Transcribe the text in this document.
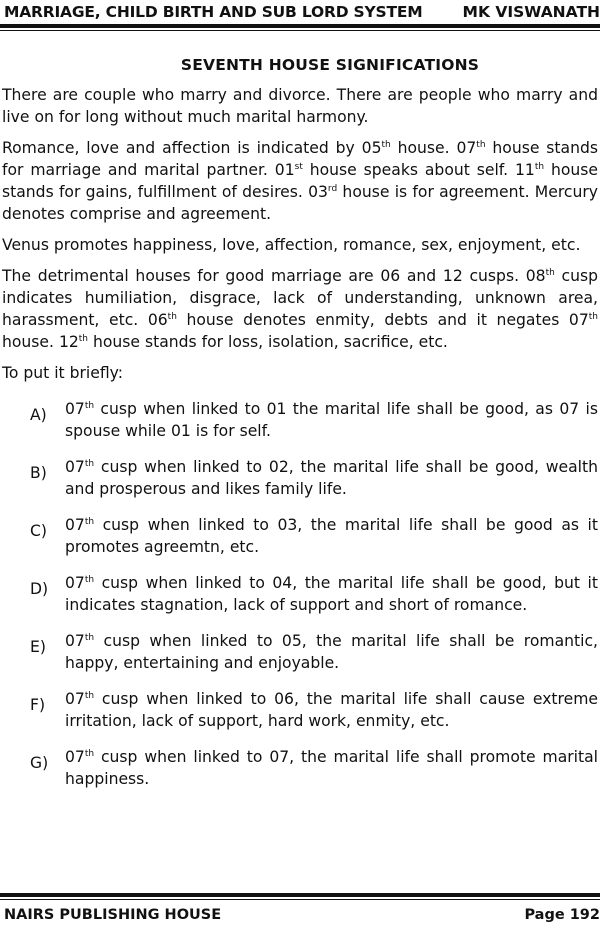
MARRIAGE, CHILD BIRTH AND SUB LORD SYSTEM	MK VISWANATH
SEVENTH HOUSE SIGNIFICATIONS

There are couple who marry and divorce. There are people who marry and live on for long without much marital harmony.

Romance, love and affection is indicated by 05th house. 07th house stands for marriage and marital partner. 01st house speaks about self. 11th house stands for gains, fulfillment of desires. 03rd house is for agreement. Mercury denotes comprise and agreement.

Venus promotes happiness, love, affection, romance, sex, enjoyment, etc.

The detrimental houses for good marriage are 06 and 12 cusps. 08th cusp indicates humiliation, disgrace, lack of understanding, unknown area, harassment, etc. 06th house denotes enmity, debts and it negates 07th house. 12th house stands for loss, isolation, sacrifice, etc.

To put it briefly:

A) 07th cusp when linked to 01 the marital life shall be good, as 07 is spouse while 01 is for self.
B) 07th cusp when linked to 02, the marital life shall be good, wealth and prosperous and likes family life.
C) 07th cusp when linked to 03, the marital life shall be good as it promotes agreemtn, etc.
D) 07th cusp when linked to 04, the marital life shall be good, but it indicates stagnation, lack of support and short of romance.
E) 07th cusp when linked to 05, the marital life shall be romantic, happy, entertaining and enjoyable.
F) 07th cusp when linked to 06, the marital life shall cause extreme irritation, lack of support, hard work, enmity, etc.
G) 07th cusp when linked to 07, the marital life shall promote marital happiness.
NAIRS PUBLISHING HOUSE	Page 192
